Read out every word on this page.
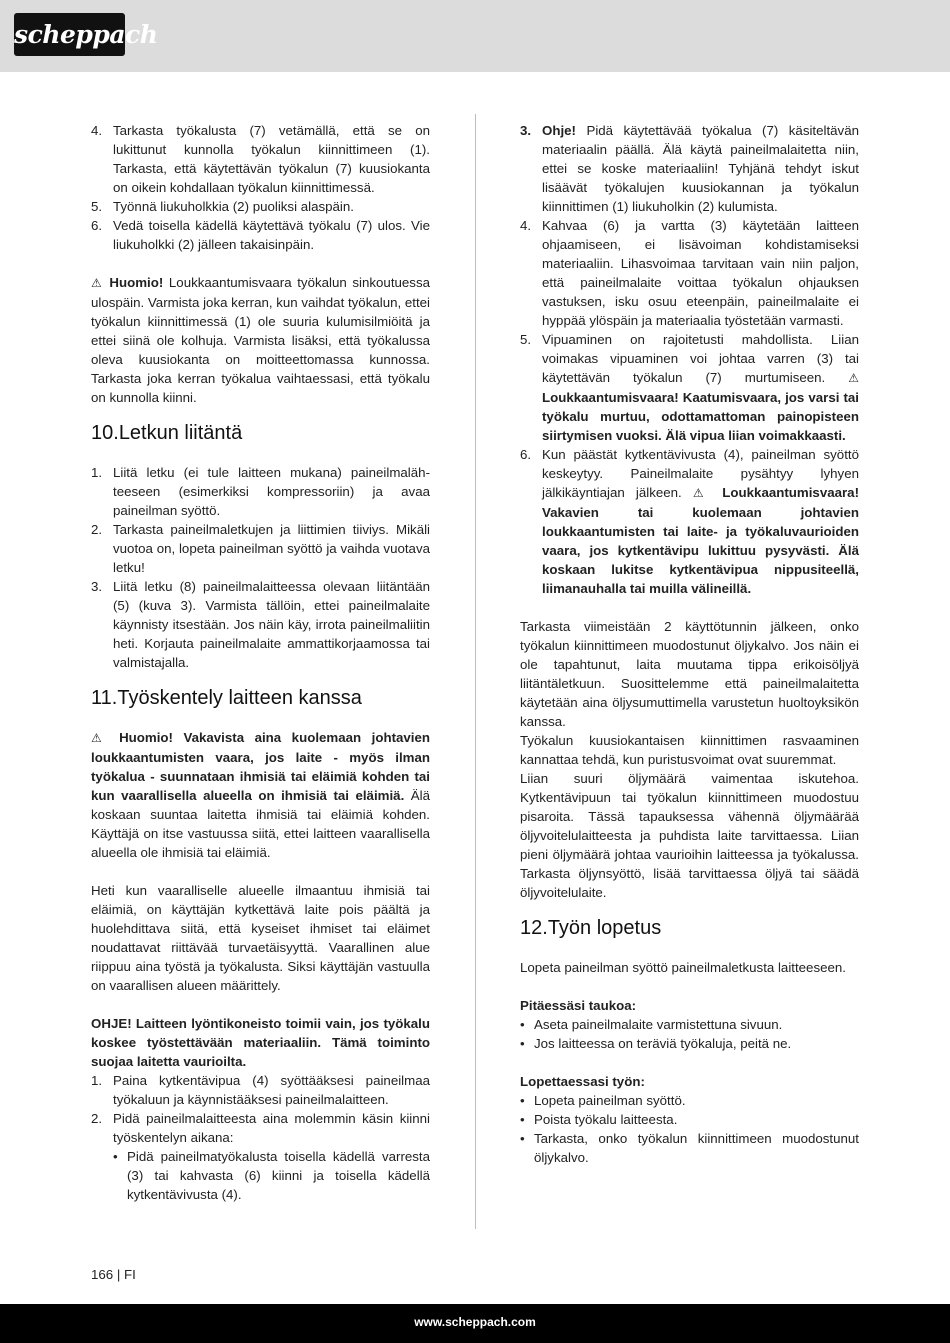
scheppach
4. Tarkasta työkalusta (7) vetämällä, että se on lukittunut kunnolla työkalun kiinnittimeen (1). Tarkasta, että käytettävän työkalun (7) kuusiokanta on oikein kohdallaan työkalun kiinnittimessä.
5. Työnnä liukuholkkia (2) puoliksi alaspäin.
6. Vedä toisella kädellä käytettävä työkalu (7) ulos. Vie liukuholkki (2) jälleen takaisinpäin.

⚠ Huomio! Loukkaantumisvaara työkalun sinkoutuessa ulospäin. Varmista joka kerran, kun vaihdat työkalun, ettei työkalun kiinnittimessä (1) ole suuria kulumisilmiöitä ja ettei siinä ole kolhuja. Varmista lisäksi, että työkalussa oleva kuusiokanta on moitteettomassa kunnossa. Tarkasta joka kerran työkalua vaihtaessasi, että työkalu on kunnolla kiinni.

10.Letkun liitäntä
1. Liitä letku (ei tule laitteen mukana) paineilmalähteeseen (esimerkiksi kompressoriin) ja avaa paineilman syöttö.
2. Tarkasta paineilmaletkujen ja liittimien tiiviys. Mikäli vuotoa on, lopeta paineilman syöttö ja vaihda vuotava letku!
3. Liitä letku (8) paineilmalaitteessa olevaan liitäntään (5) (kuva 3). Varmista tällöin, ettei paineilmalaite käynnisty itsestään. Jos näin käy, irrota paineilmaliitin heti. Korjauta paineilmalaite ammattikorjaamossa tai valmistajalla.
11.Työskentely laitteen kanssa

⚠ Huomio! Vakavista aina kuolemaan johtavien loukkaantumisten vaara, jos laite - myös ilman työkalua - suunnataan ihmisiä tai eläimiä kohden tai kun vaarallisella alueella on ihmisiä tai eläimiä. Älä koskaan suuntaa laitetta ihmisiä tai eläimiä kohden. Käyttäjä on itse vastuussa siitä, ettei laitteen vaarallisella alueella ole ihmisiä tai eläimiä.

Heti kun vaaralliselle alueelle ilmaantuu ihmisiä tai eläimiä, on käyttäjän kytkettävä laite pois päältä ja huolehdittava siitä, että kyseiset ihmiset tai eläimet noudattavat riittävää turvaetäisyyttä. Vaarallinen alue riippuu aina työstä ja työkalusta. Siksi käyttäjän vastuulla on vaarallisen alueen määrittely.

OHJE! Laitteen lyöntikoneisto toimii vain, jos työkalu koskee työstettävään materiaaliin. Tämä toiminto suojaa laitetta vaurioilta.

1. Paina kytkentävipua (4) syöttääksesi paineilmaa työkaluun ja käynnistääksesi paineilmalaitteen.
2. Pidä paineilmalaitteesta aina molemmin käsin kiinni työskentelyn aikana:
• Pidä paineilmatyökalusta toisella kädellä varresta (3) tai kahvasta (6) kiinni ja toisella kädellä kytkentävivusta (4).
3. Ohje! Pidä käytettävää työkalua (7) käsiteltävän materiaalin päällä. Älä käytä paineilmalaitetta niin, ettei se koske materiaaliin! Tyhjänä tehdyt iskut lisäävät työkalujen kuusiokannan ja työkalun kiinnittimen (1) liukuholkin (2) kulumista.
4. Kahvaa (6) ja vartta (3) käytetään laitteen ohjaamiseen, ei lisävoiman kohdistamiseksi materiaaliin. Lihasvoimaa tarvitaan vain niin paljon, että paineilmalaite voittaa työkalun ohjauksen vastuksen, isku osuu eteenpäin, paineilmalaite ei hyppää ylöspäin ja materiaalia työstetään varmasti.
5. Vipuaminen on rajoitetusti mahdollista. Liian voimakas vipuaminen voi johtaa varren (3) tai käytettävän työkalun (7) murtumiseen. ⚠ Loukkaantumisvaara! Kaatumisvaara, jos varsi tai työkalu murtuu, odottamattoman painopisteen siirtymisen vuoksi. Älä vipua liian voimakkaasti.
6. Kun päästät kytkentävivusta (4), paineilman syöttö keskeytyy. Paineilmalaite pysähtyy lyhyen jälkikäyntiajan jälkeen. ⚠ Loukkaantumisvaara! Vakavien tai kuolemaan johtavien loukkaantumisten tai laite- ja työkaluvaurioiden vaara, jos kytkentävipu lukittuu pysyvästi. Älä koskaan lukitse kytkentävipua nippusiteellä, liimanauhalla tai muilla välineillä.

Tarkasta viimeistään 2 käyttötunnin jälkeen, onko työkalun kiinnittimeen muodostunut öljykalvo. Jos näin ei ole tapahtunut, laita muutama tippa erikoisöljyä liitäntäletkuun. Suosittelemme että paineilmalaitetta käytetään aina öljysumuttimella varustetun huoltoyksikön kanssa.

Työkalun kuusiokantaisen kiinnittimen rasvaaminen kannattaa tehdä, kun puristusvoimat ovat suuremmat.

Liian suuri öljymäärä vaimentaa iskutehoa. Kytkentävipuun tai työkalun kiinnittimeen muodostuu pisaroita. Tässä tapauksessa vähennä öljymäärää öljyvoitelulaitteesta ja puhdista laite tarvittaessa. Liian pieni öljymäärä johtaa vaurioihin laitteessa ja työkalussa. Tarkasta öljynsyöttö, lisää tarvittaessa öljyä tai säädä öljyvoitelulaite.

12.Työn lopetus

Lopeta paineilman syöttö paineilmaletkusta laitteeseen.

Pitäessäsi taukoa:

• Aseta paineilmalaite varmistettuna sivuun.
• Jos laitteessa on teräviä työkaluja, peitä ne.

Lopettaessasi työn:

• Lopeta paineilman syöttö.
• Poista työkalu laitteesta.
• Tarkasta, onko työkalun kiinnittimeen muodostunut öljykalvo.
166 | FI
www.scheppach.com
